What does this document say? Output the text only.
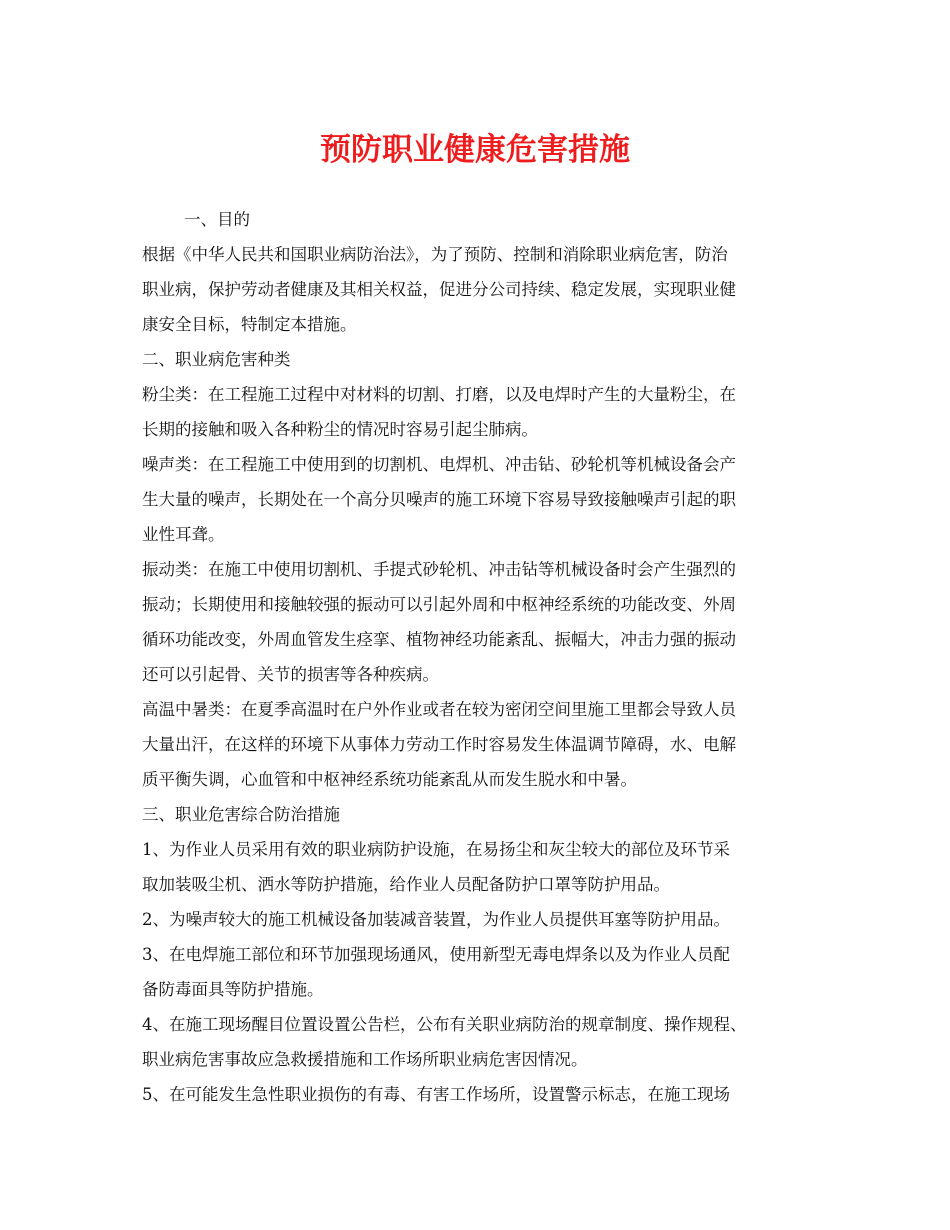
预防职业健康危害措施
一、目的
根据《中华人民共和国职业病防治法》，为了预防、控制和消除职业病危害，防治
职业病，保护劳动者健康及其相关权益，促进分公司持续、稳定发展，实现职业健
康安全目标，特制定本措施。
二、职业病危害种类
粉尘类：在工程施工过程中对材料的切割、打磨，以及电焊时产生的大量粉尘，在
长期的接触和吸入各种粉尘的情况时容易引起尘肺病。
噪声类：在工程施工中使用到的切割机、电焊机、冲击钻、砂轮机等机械设备会产
生大量的噪声，长期处在一个高分贝噪声的施工环境下容易导致接触噪声引起的职
业性耳聋。
振动类：在施工中使用切割机、手提式砂轮机、冲击钻等机械设备时会产生强烈的
振动；长期使用和接触较强的振动可以引起外周和中枢神经系统的功能改变、外周
循环功能改变，外周血管发生痉挛、植物神经功能紊乱、振幅大，冲击力强的振动
还可以引起骨、关节的损害等各种疾病。
高温中暑类：在夏季高温时在户外作业或者在较为密闭空间里施工里都会导致人员
大量出汗，在这样的环境下从事体力劳动工作时容易发生体温调节障碍，水、电解
质平衡失调，心血管和中枢神经系统功能紊乱从而发生脱水和中暑。
三、职业危害综合防治措施
1、为作业人员采用有效的职业病防护设施，在易扬尘和灰尘较大的部位及环节采
取加装吸尘机、洒水等防护措施，给作业人员配备防护口罩等防护用品。
2、为噪声较大的施工机械设备加装减音装置，为作业人员提供耳塞等防护用品。
3、在电焊施工部位和环节加强现场通风，使用新型无毒电焊条以及为作业人员配
备防毒面具等防护措施。
4、在施工现场醒目位置设置公告栏，公布有关职业病防治的规章制度、操作规程、
职业病危害事故应急救援措施和工作场所职业病危害因情况。
5、在可能发生急性职业损伤的有毒、有害工作场所，设置警示标志，在施工现场
